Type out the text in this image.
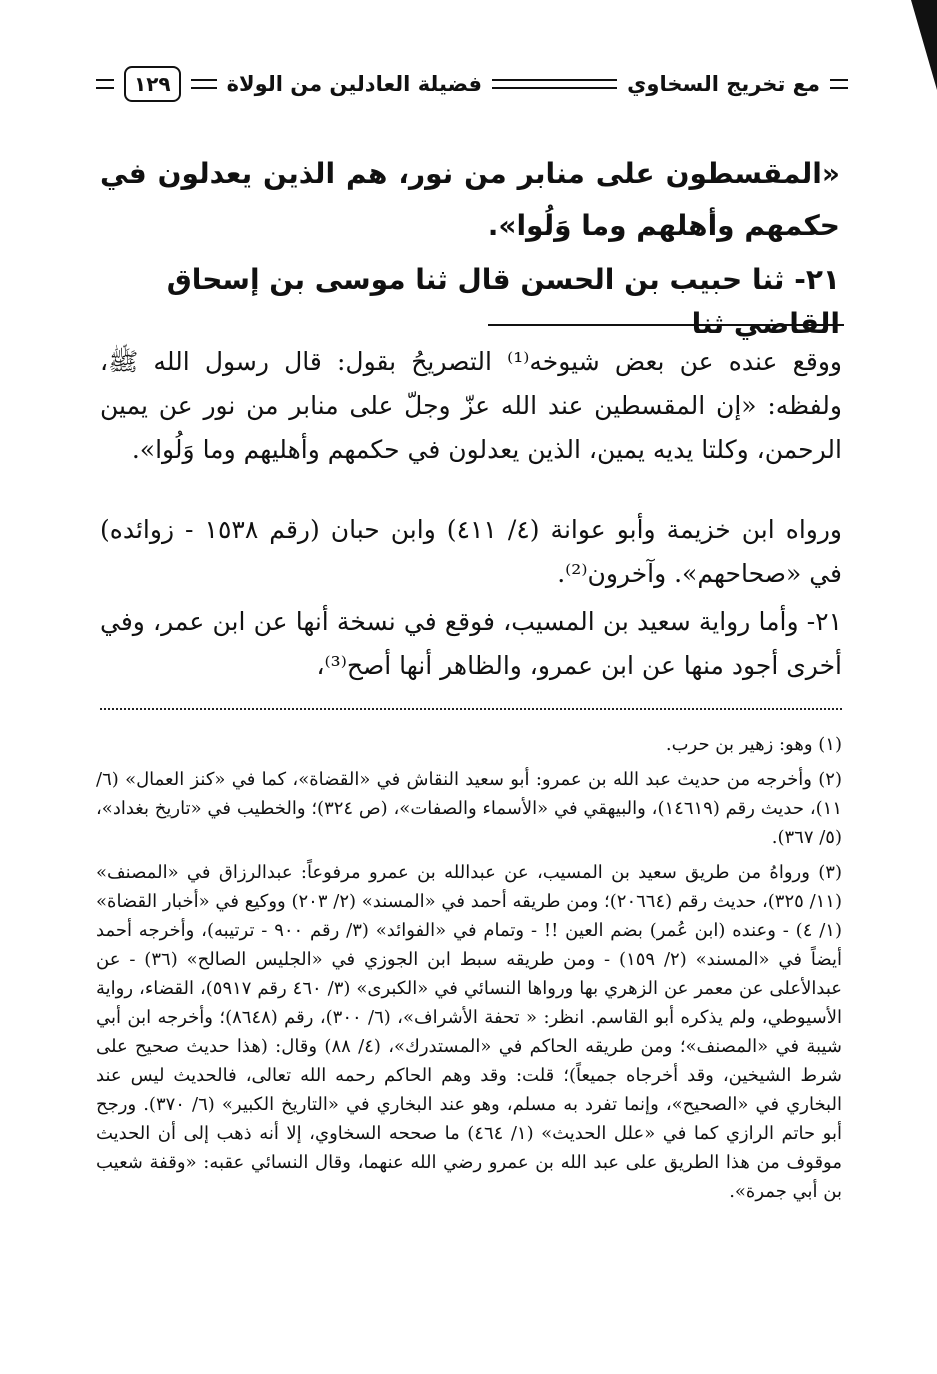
مع تخريج السخاوي
فضيلة العادلين من الولاة
١٢٩

«المقسطون على منابر من نور، هم الذين يعدلون في حكمهم وأهلهم وما وَلُوا».

٢١- ثنا حبيب بن الحسن قال ثنا موسى بن إسحاق القاضي ثنا

ووقع عنده عن بعض شيوخه⁽¹⁾ التصريحُ بقول: قال رسول الله ﷺ، ولفظه: «إن المقسطين عند الله عزّ وجلّ على منابر من نور عن يمين الرحمن، وكلتا يديه يمين، الذين يعدلون في حكمهم وأهليهم وما وَلُوا».

ورواه ابن خزيمة وأبو عوانة (٤/ ٤١١) وابن حبان (رقم ١٥٣٨ - زوائده) في «صحاحهم». وآخرون⁽²⁾.

٢١- وأما رواية سعيد بن المسيب، فوقع في نسخة أنها عن ابن عمر، وفي أخرى أجود منها عن ابن عمرو، والظاهر أنها أصح⁽³⁾،

(١) وهو: زهير بن حرب.

(٢) وأخرجه من حديث عبد الله بن عمرو: أبو سعيد النقاش في «القضاة»، كما في «كنز العمال» (٦/ ١١)، حديث رقم (١٤٦١٩)، والبيهقي في «الأسماء والصفات»، (ص ٣٢٤)؛ والخطيب في «تاريخ بغداد»، (٥/ ٣٦٧).

(٣) ورواهُ من طريق سعيد بن المسيب، عن عبدالله بن عمرو مرفوعاً: عبدالرزاق في «المصنف» (١١/ ٣٢٥)، حديث رقم (٢٠٦٦٤)؛ ومن طريقه أحمد في «المسند» (٢/ ٢٠٣) ووكيع في «أخبار القضاة» (١/ ٤) - وعنده (ابن عُمر) بضم العين !! - وتمام في «الفوائد» (٣/ رقم ٩٠٠ - ترتيبه)، وأخرجه أحمد أيضاً في «المسند» (٢/ ١٥٩) - ومن طريقه سبط ابن الجوزي في «الجليس الصالح» (٣٦) - عن عبدالأعلى عن معمر عن الزهري بها ورواها النسائي في «الكبرى» (٣/ ٤٦٠ رقم ٥٩١٧)، القضاء، رواية الأسيوطي، ولم يذكره أبو القاسم. انظر: « تحفة الأشراف»، (٦/ ٣٠٠)، رقم (٨٦٤٨)؛ وأخرجه ابن أبي شيبة في «المصنف»؛ ومن طريقه الحاكم في «المستدرك»، (٤/ ٨٨) وقال: (هذا حديث صحيح على شرط الشيخين، وقد أخرجاه جميعاً)؛ قلت: وقد وهم الحاكم رحمه الله تعالى، فالحديث ليس عند البخاري في «الصحيح»، وإنما تفرد به مسلم، وهو عند البخاري في «التاريخ الكبير» (٦/ ٣٧٠). ورجح أبو حاتم الرازي كما في «علل الحديث» (١/ ٤٦٤) ما صححه السخاوي، إلا أنه ذهب إلى أن الحديث موقوف من هذا الطريق على عبد الله بن عمرو رضي الله عنهما، وقال النسائي عقبه: «وقفة شعيب بن أبي جمرة».
